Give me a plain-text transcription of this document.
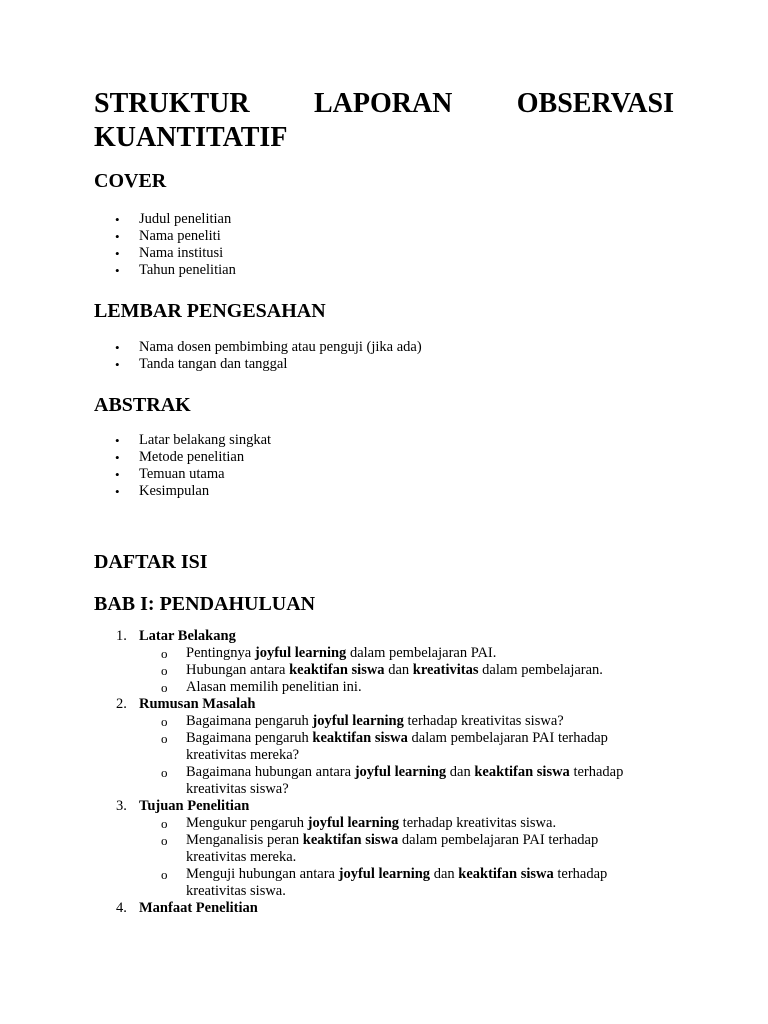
STRUKTUR LAPORAN OBSERVASI KUANTITATIF
COVER
• Judul penelitian
• Nama peneliti
• Nama institusi
• Tahun penelitian
LEMBAR PENGESAHAN
• Nama dosen pembimbing atau penguji (jika ada)
• Tanda tangan dan tanggal
ABSTRAK
• Latar belakang singkat
• Metode penelitian
• Temuan utama
• Kesimpulan
DAFTAR ISI
BAB I: PENDAHULUAN
1. Latar Belakang
o Pentingnya joyful learning dalam pembelajaran PAI.
o Hubungan antara keaktifan siswa dan kreativitas dalam pembelajaran.
o Alasan memilih penelitian ini.
2. Rumusan Masalah
o Bagaimana pengaruh joyful learning terhadap kreativitas siswa?
o Bagaimana pengaruh keaktifan siswa dalam pembelajaran PAI terhadap kreativitas mereka?
o Bagaimana hubungan antara joyful learning dan keaktifan siswa terhadap kreativitas siswa?
3. Tujuan Penelitian
o Mengukur pengaruh joyful learning terhadap kreativitas siswa.
o Menganalisis peran keaktifan siswa dalam pembelajaran PAI terhadap kreativitas mereka.
o Menguji hubungan antara joyful learning dan keaktifan siswa terhadap kreativitas siswa.
4. Manfaat Penelitian
